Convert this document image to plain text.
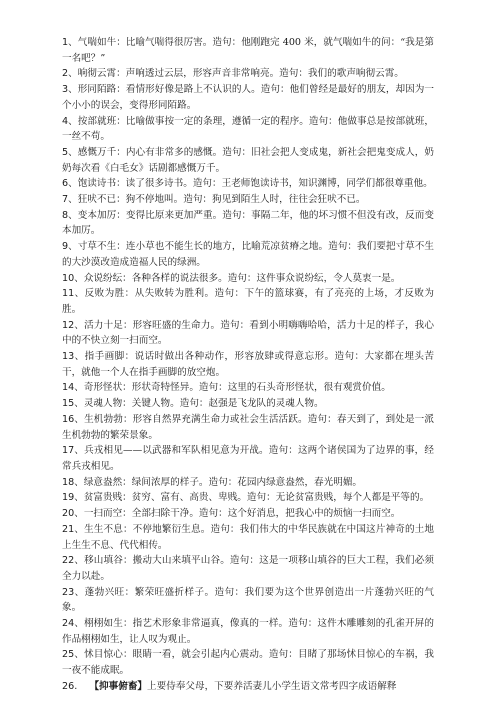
1、气喘如牛：比喻气喘得很厉害。造句：他刚跑完 400 米，就气喘如牛的问：“我是第一名吧？”

2、响彻云霄：声响透过云层，形容声音非常响亮。造句：我们的歌声响彻云霄。

3、形同陌路：看情形好像是路上不认识的人。造句：他们曾经是最好的朋友，却因为一个小小的误会，变得形同陌路。

4、按部就班：比喻做事按一定的条理，遵循一定的程序。造句：他做事总是按部就班，一丝不苟。

5、感慨万千：内心有非常多的感慨。造句：旧社会把人变成鬼，新社会把鬼变成人，奶奶每次看《白毛女》话剧都感慨万千。

6、饱读诗书：读了很多诗书。造句：王老师饱读诗书，知识渊博，同学们都很尊重他。

7、狂吠不已：狗不停地叫。造句：狗见到陌生人时，往往会狂吠不已。

8、变本加厉：变得比原来更加严重。造句：事隔二年，他的坏习惯不但没有改，反而变本加厉。

9、寸草不生：连小草也不能生长的地方，比喻荒凉贫瘠之地。造句：我们要把寸草不生的大沙漠改造成造福人民的绿洲。

10、众说纷纭：各种各样的说法很多。造句：这件事众说纷纭，令人莫衷一是。

11、反败为胜：从失败转为胜利。造句：下午的篮球赛，有了亮亮的上场，才反败为胜。

12、活力十足：形容旺盛的生命力。造句：看到小明嗨嗨哈哈，活力十足的样子，我心中的不快立刻一扫而空。

13、指手画脚：说话时做出各种动作，形容放肆或得意忘形。造句：大家都在埋头苦干，就他一个人在指手画脚的放空炮。

14、奇形怪状：形状奇特怪异。造句：这里的石头奇形怪状，很有观赏价值。

15、灵魂人物：关键人物。造句：赵强是飞龙队的灵魂人物。

16、生机勃勃：形容自然界充满生命力或社会生活活跃。造句：春天到了，到处是一派生机勃勃的繁荣景象。

17、兵戎相见——以武器和军队相见意为开战。造句：这两个诸侯国为了边界的事，经常兵戎相见。

18、绿意盎然：绿间浓厚的样子。造句：花园内绿意盎然，春光明媚。

19、贫富贵贱：贫穷、富有、高贵、卑贱。造句：无论贫富贵贱，每个人都是平等的。

20、一扫而空：全部扫除干净。造句：这个好消息，把我心中的烦恼一扫而空。

21、生生不息：不停地繁衍生息。造句：我们伟大的中华民族就在中国这片神奇的土地上生生不息、代代相传。

22、移山填谷：搬动大山来填平山谷。造句：这是一项移山填谷的巨大工程，我们必须全力以赴。

23、蓬勃兴旺：繁荣旺盛折样子。造句：我们要为这个世界创造出一片蓬勃兴旺的气象。

24、栩栩如生：指艺术形象非常逼真，像真的一样。造句：这件木雕雕刻的孔雀开屏的作品栩栩如生，让人叹为观止。

25、怵目惊心：眼睛一看，就会引起内心震动。造句：目睹了那场怵目惊心的车祸，我一夜不能成眠。

26. 【抑事俯畜】上要侍奉父母，下要养活妻儿小学生语文常考四字成语解释
